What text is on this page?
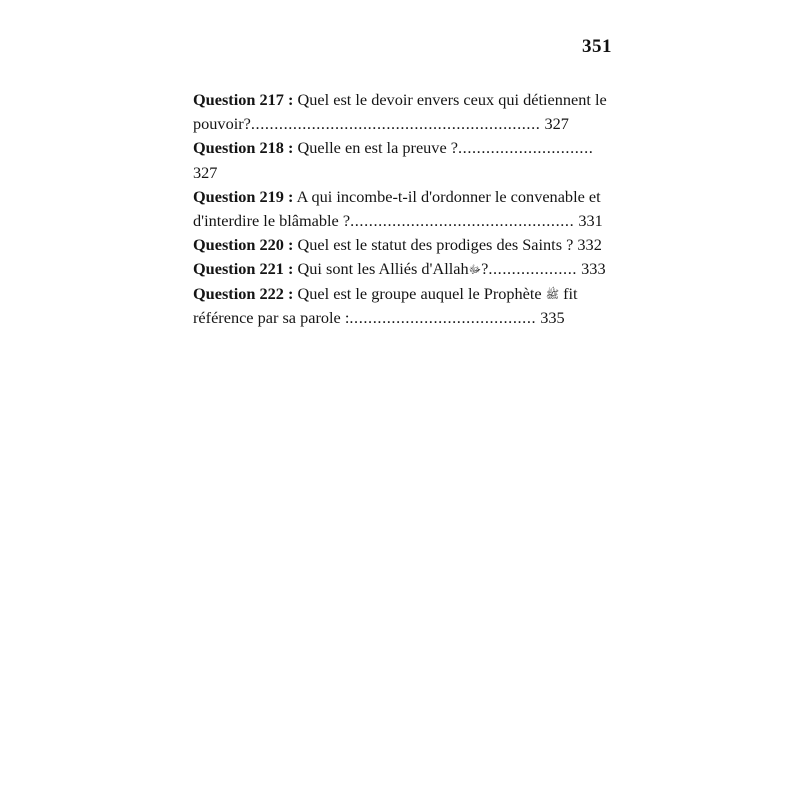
351

Question 217 : Quel est le devoir envers ceux qui détiennent le pouvoir?.............................................................. 327

Question 218 : Quelle en est la preuve ?............................. 327

Question 219 : A qui incombe-t-il d'ordonner le convenable et d'interdire le blâmable ?................................................ 331

Question 220 : Quel est le statut des prodiges des Saints ? 332

Question 221 : Qui sont les Alliés d'Allahﷻ?................... 333

Question 222 : Quel est le groupe auquel le Prophète ﷺ fit référence par sa parole :........................................ 335
